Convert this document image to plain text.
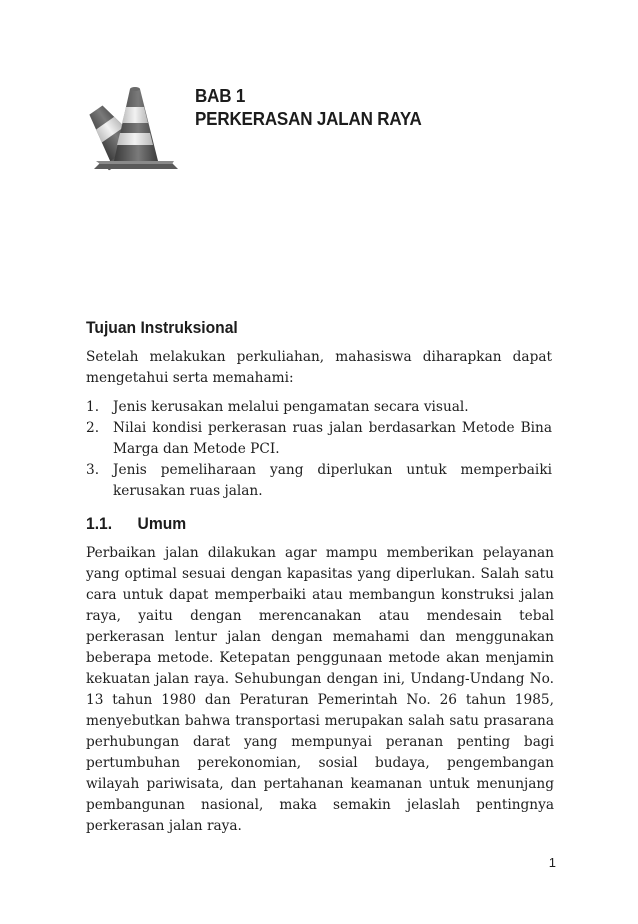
BAB 1
PERKERASAN JALAN RAYA
Tujuan Instruksional
Setelah melakukan perkuliahan, mahasiswa diharapkan dapat mengetahui serta memahami:
1.	Jenis kerusakan melalui pengamatan secara visual.
2.	Nilai kondisi perkerasan ruas jalan berdasarkan Metode Bina Marga dan Metode PCI.
3.	Jenis pemeliharaan yang diperlukan untuk memperbaiki kerusakan ruas jalan.
1.1. Umum
Perbaikan jalan dilakukan agar mampu memberikan pelayanan yang optimal sesuai dengan kapasitas yang diperlukan. Salah satu cara untuk dapat memperbaiki atau membangun konstruksi jalan raya, yaitu dengan merencanakan atau mendesain tebal perkerasan lentur jalan dengan memahami dan menggunakan beberapa metode. Ketepatan penggunaan metode akan menjamin kekuatan jalan raya. Sehubungan dengan ini, Undang-Undang No. 13 tahun 1980 dan Peraturan Pemerintah No. 26 tahun 1985, menyebutkan bahwa transportasi merupakan salah satu prasarana perhubungan darat yang mempunyai peranan penting bagi pertumbuhan perekonomian, sosial budaya, pengembangan wilayah pariwisata, dan pertahanan keamanan untuk menunjang pembangunan nasional, maka semakin jelaslah pentingnya perkerasan jalan raya.
1
